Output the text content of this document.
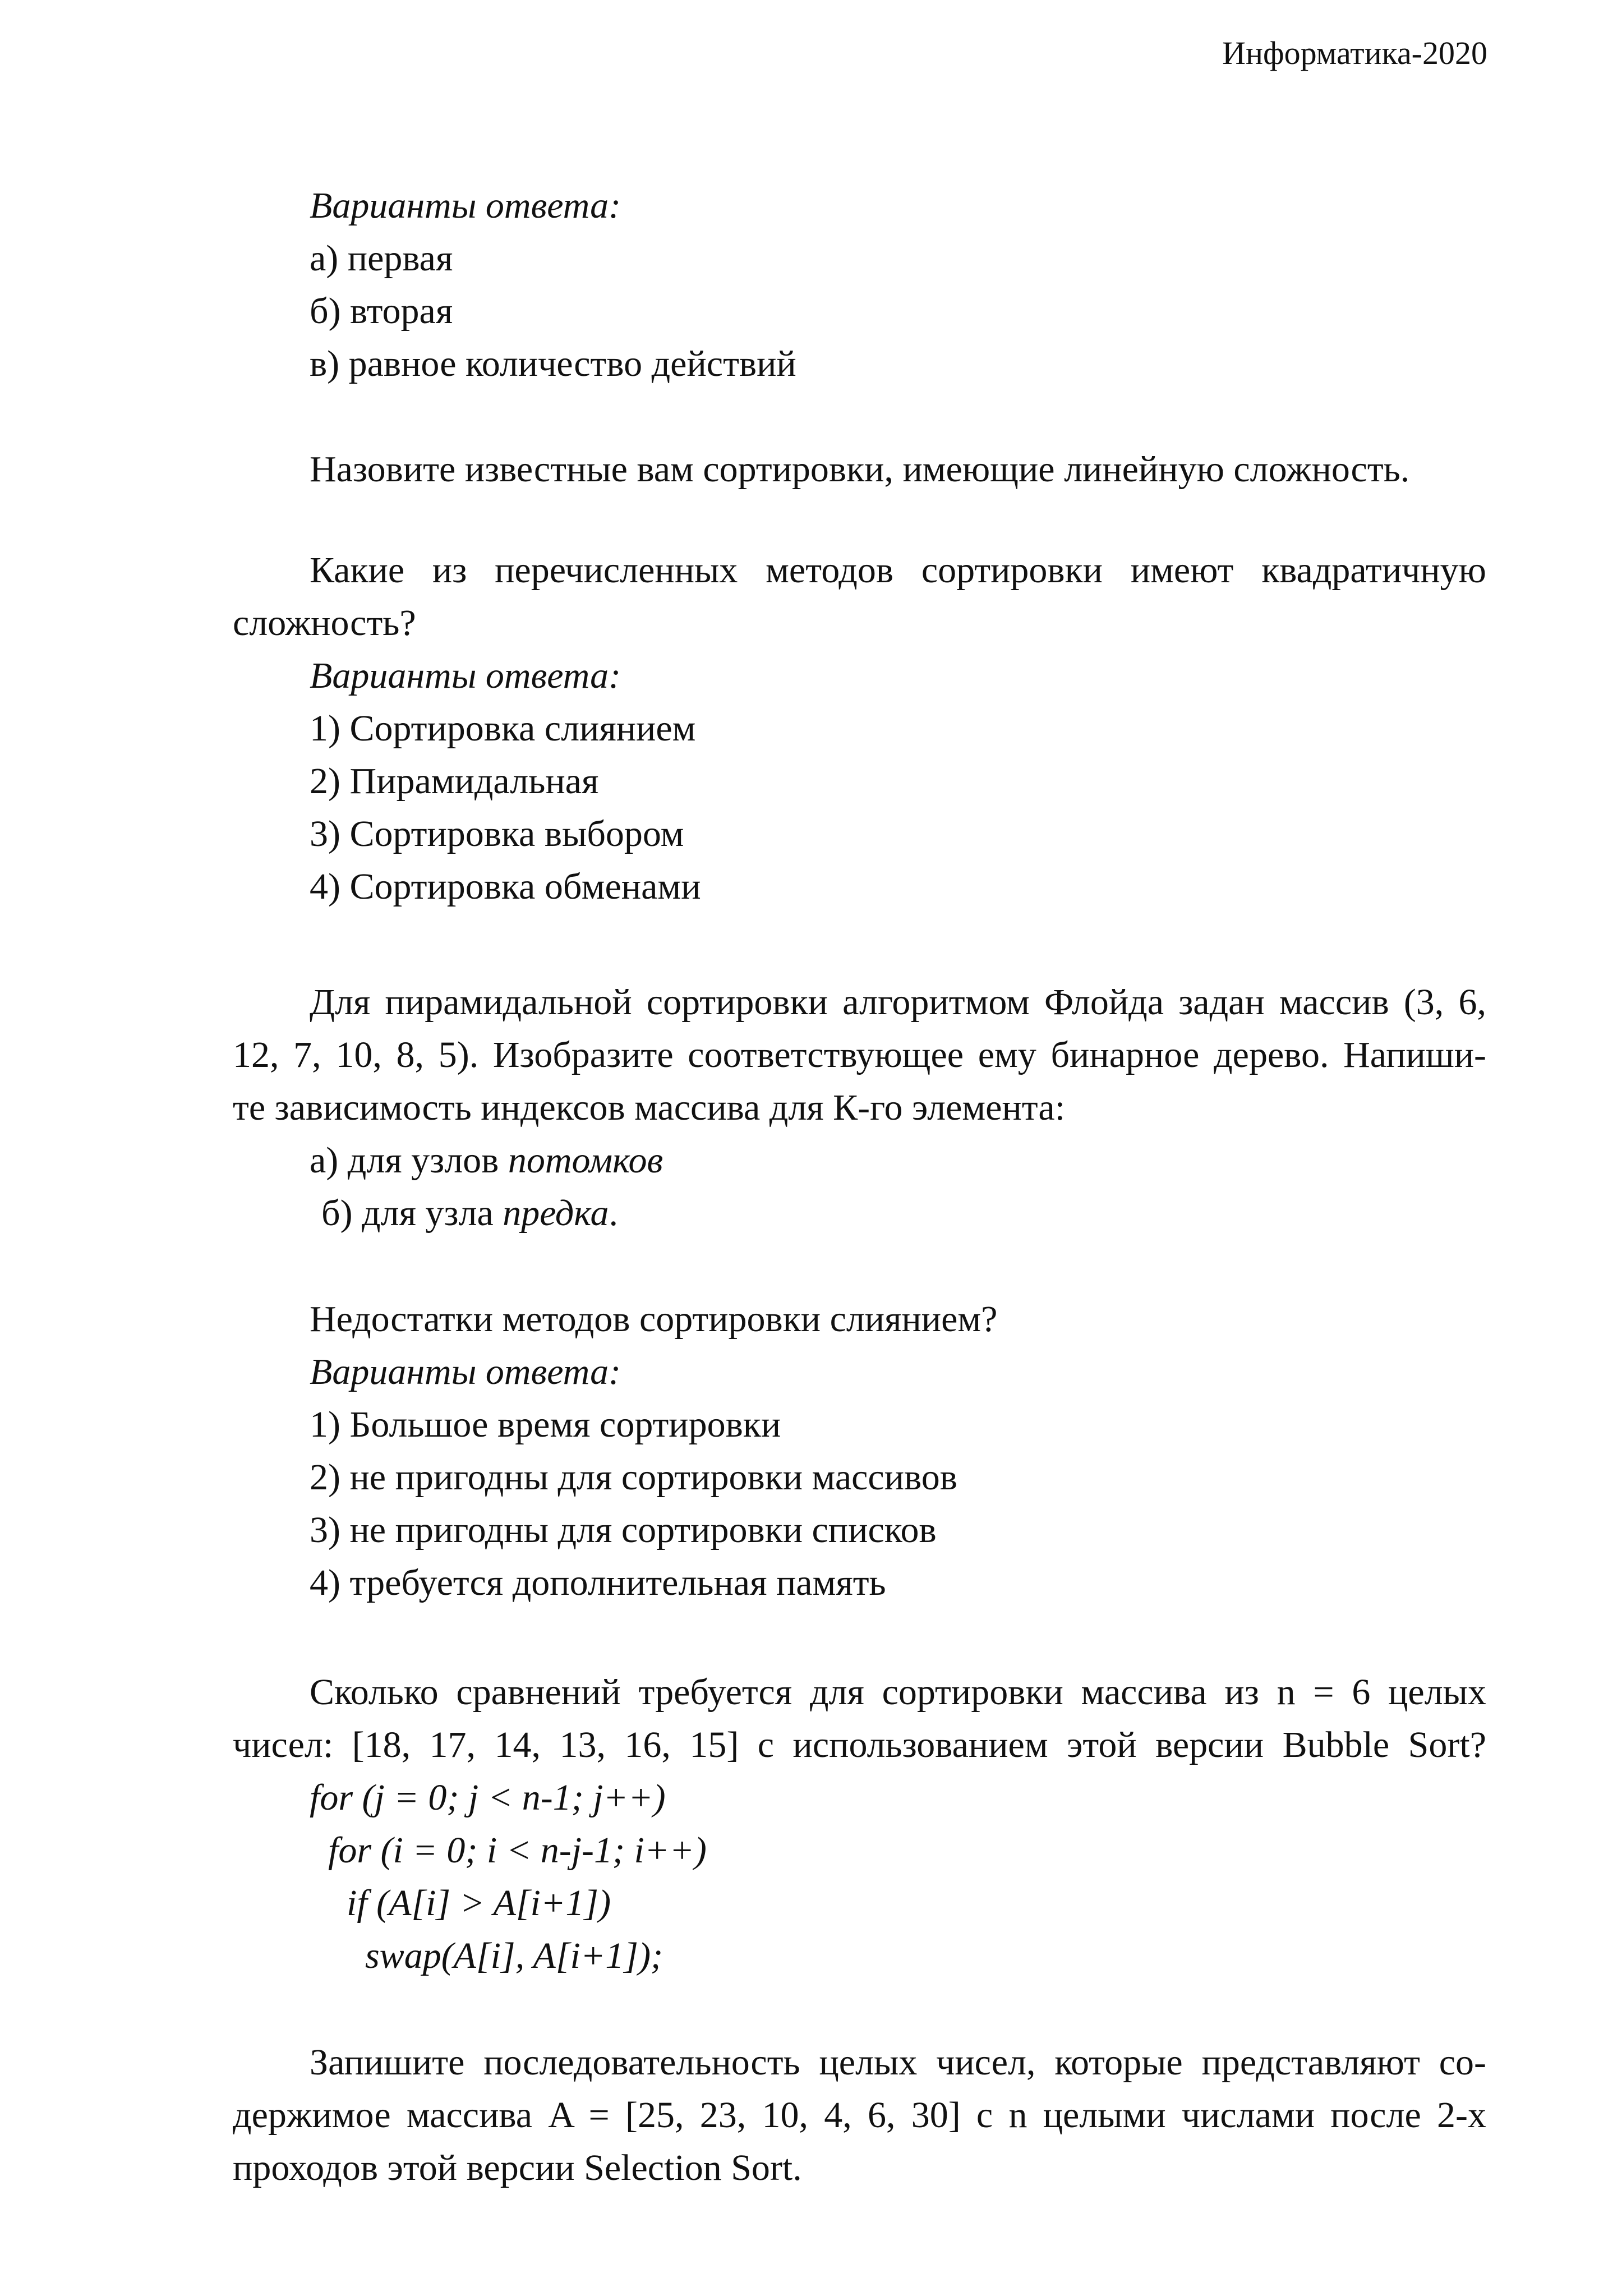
Информатика-2020
Варианты ответа:
а) первая
б) вторая
в) равное количество действий
Назовите известные вам сортировки, имеющие линейную сложность.
Какие из перечисленных методов сортировки имеют квадратичную
сложность?
Варианты ответа:
1) Сортировка слиянием
2) Пирамидальная
3) Сортировка выбором
4) Сортировка обменами
Для пирамидальной сортировки алгоритмом Флойда задан массив (3, 6,
12, 7, 10, 8, 5). Изобразите соответствующее ему бинарное дерево. Напиши-
те зависимость индексов массива для К-го элемента:
а) для узлов потомков
б) для узла предка.
Недостатки методов сортировки слиянием?
Варианты ответа:
1) Большое время сортировки
2) не пригодны для сортировки массивов
3) не пригодны для сортировки списков
4) требуется дополнительная память
Сколько сравнений требуется для сортировки массива из n = 6 целых
чисел: [18, 17, 14, 13, 16, 15] с использованием этой версии Bubble Sort?
for (j = 0; j < n-1; j++)
for (i = 0; i < n-j-1; i++)
if (A[i] > A[i+1])
swap(A[i], A[i+1]);
Запишите последовательность целых чисел, которые представляют со-
держимое массива A = [25, 23, 10, 4, 6, 30] с n целыми числами после 2-х
проходов этой версии Selection Sort.
